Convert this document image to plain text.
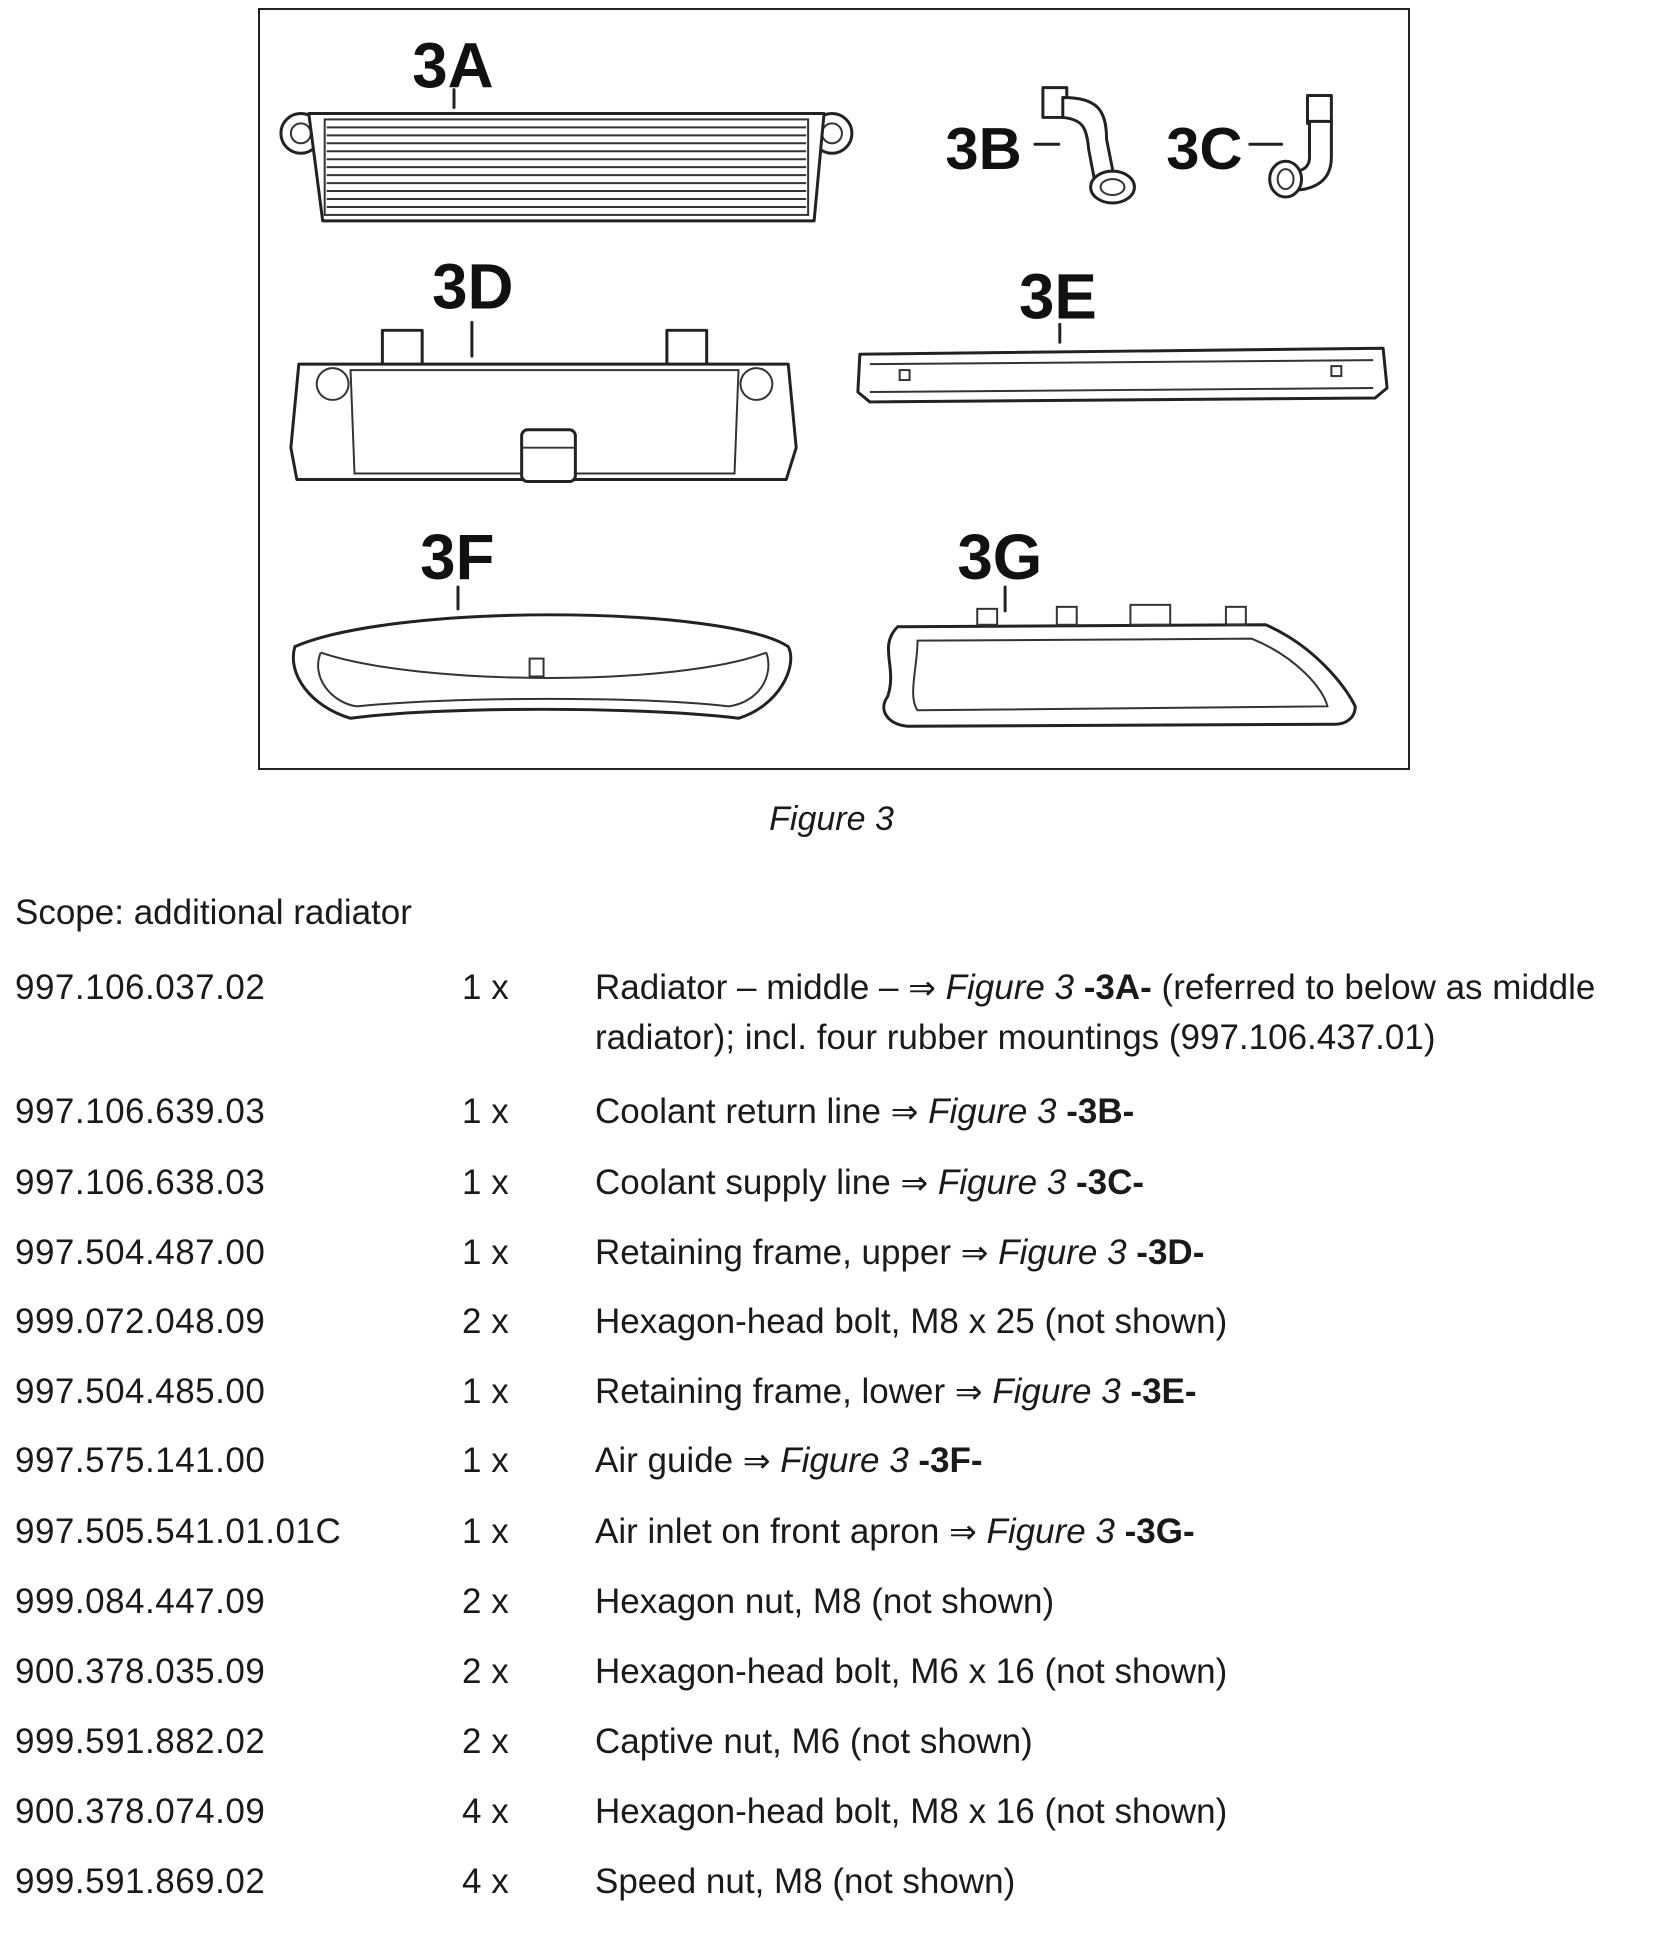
3A
3B 3C
3D	3E
3F	3G
Figure 3
Scope: additional radiator
997.106.037.02	1 x Radiator – middle – ⇒ Figure 3 -3A- (referred to below as middle radiator); incl. four rubber mountings (997.106.437.01)
997.106.639.03	1 x Coolant return line ⇒ Figure 3 -3B-
997.106.638.03	1 x Coolant supply line ⇒ Figure 3 -3C-
997.504.487.00	1 x Retaining frame, upper ⇒ Figure 3 -3D-
999.072.048.09	2 x Hexagon-head bolt, M8 x 25 (not shown)
997.504.485.00	1 x Retaining frame, lower ⇒ Figure 3 -3E-
997.575.141.00	1 x Air guide ⇒ Figure 3 -3F-
997.505.541.01.01C	1 x Air inlet on front apron ⇒ Figure 3 -3G-
999.084.447.09	2 x Hexagon nut, M8 (not shown)
900.378.035.09	2 x Hexagon-head bolt, M6 x 16 (not shown)
999.591.882.02	2 x Captive nut, M6 (not shown)
900.378.074.09	4 x Hexagon-head bolt, M8 x 16 (not shown)
999.591.869.02	4 x Speed nut, M8 (not shown)
